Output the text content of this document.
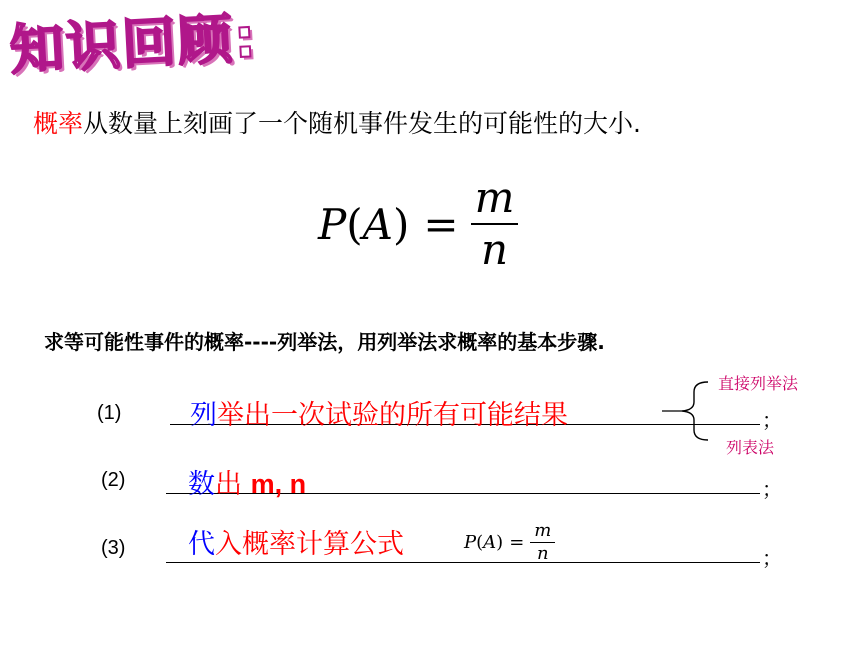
知识回顾:
概率从数量上刻画了一个随机事件发生的可能性的大小.
P ( A ) = $\frac{m}{n}$
求等可能性事件的概率----列举法，用列举法求概率的基本步骤.
直接列举法
列表法
(1)	列举出一次试验的所有可能结果	；
(2) 数出 m, n	；
(3) 代入概率计算公式	P ( A ) = $\frac{m}{n}$	；
